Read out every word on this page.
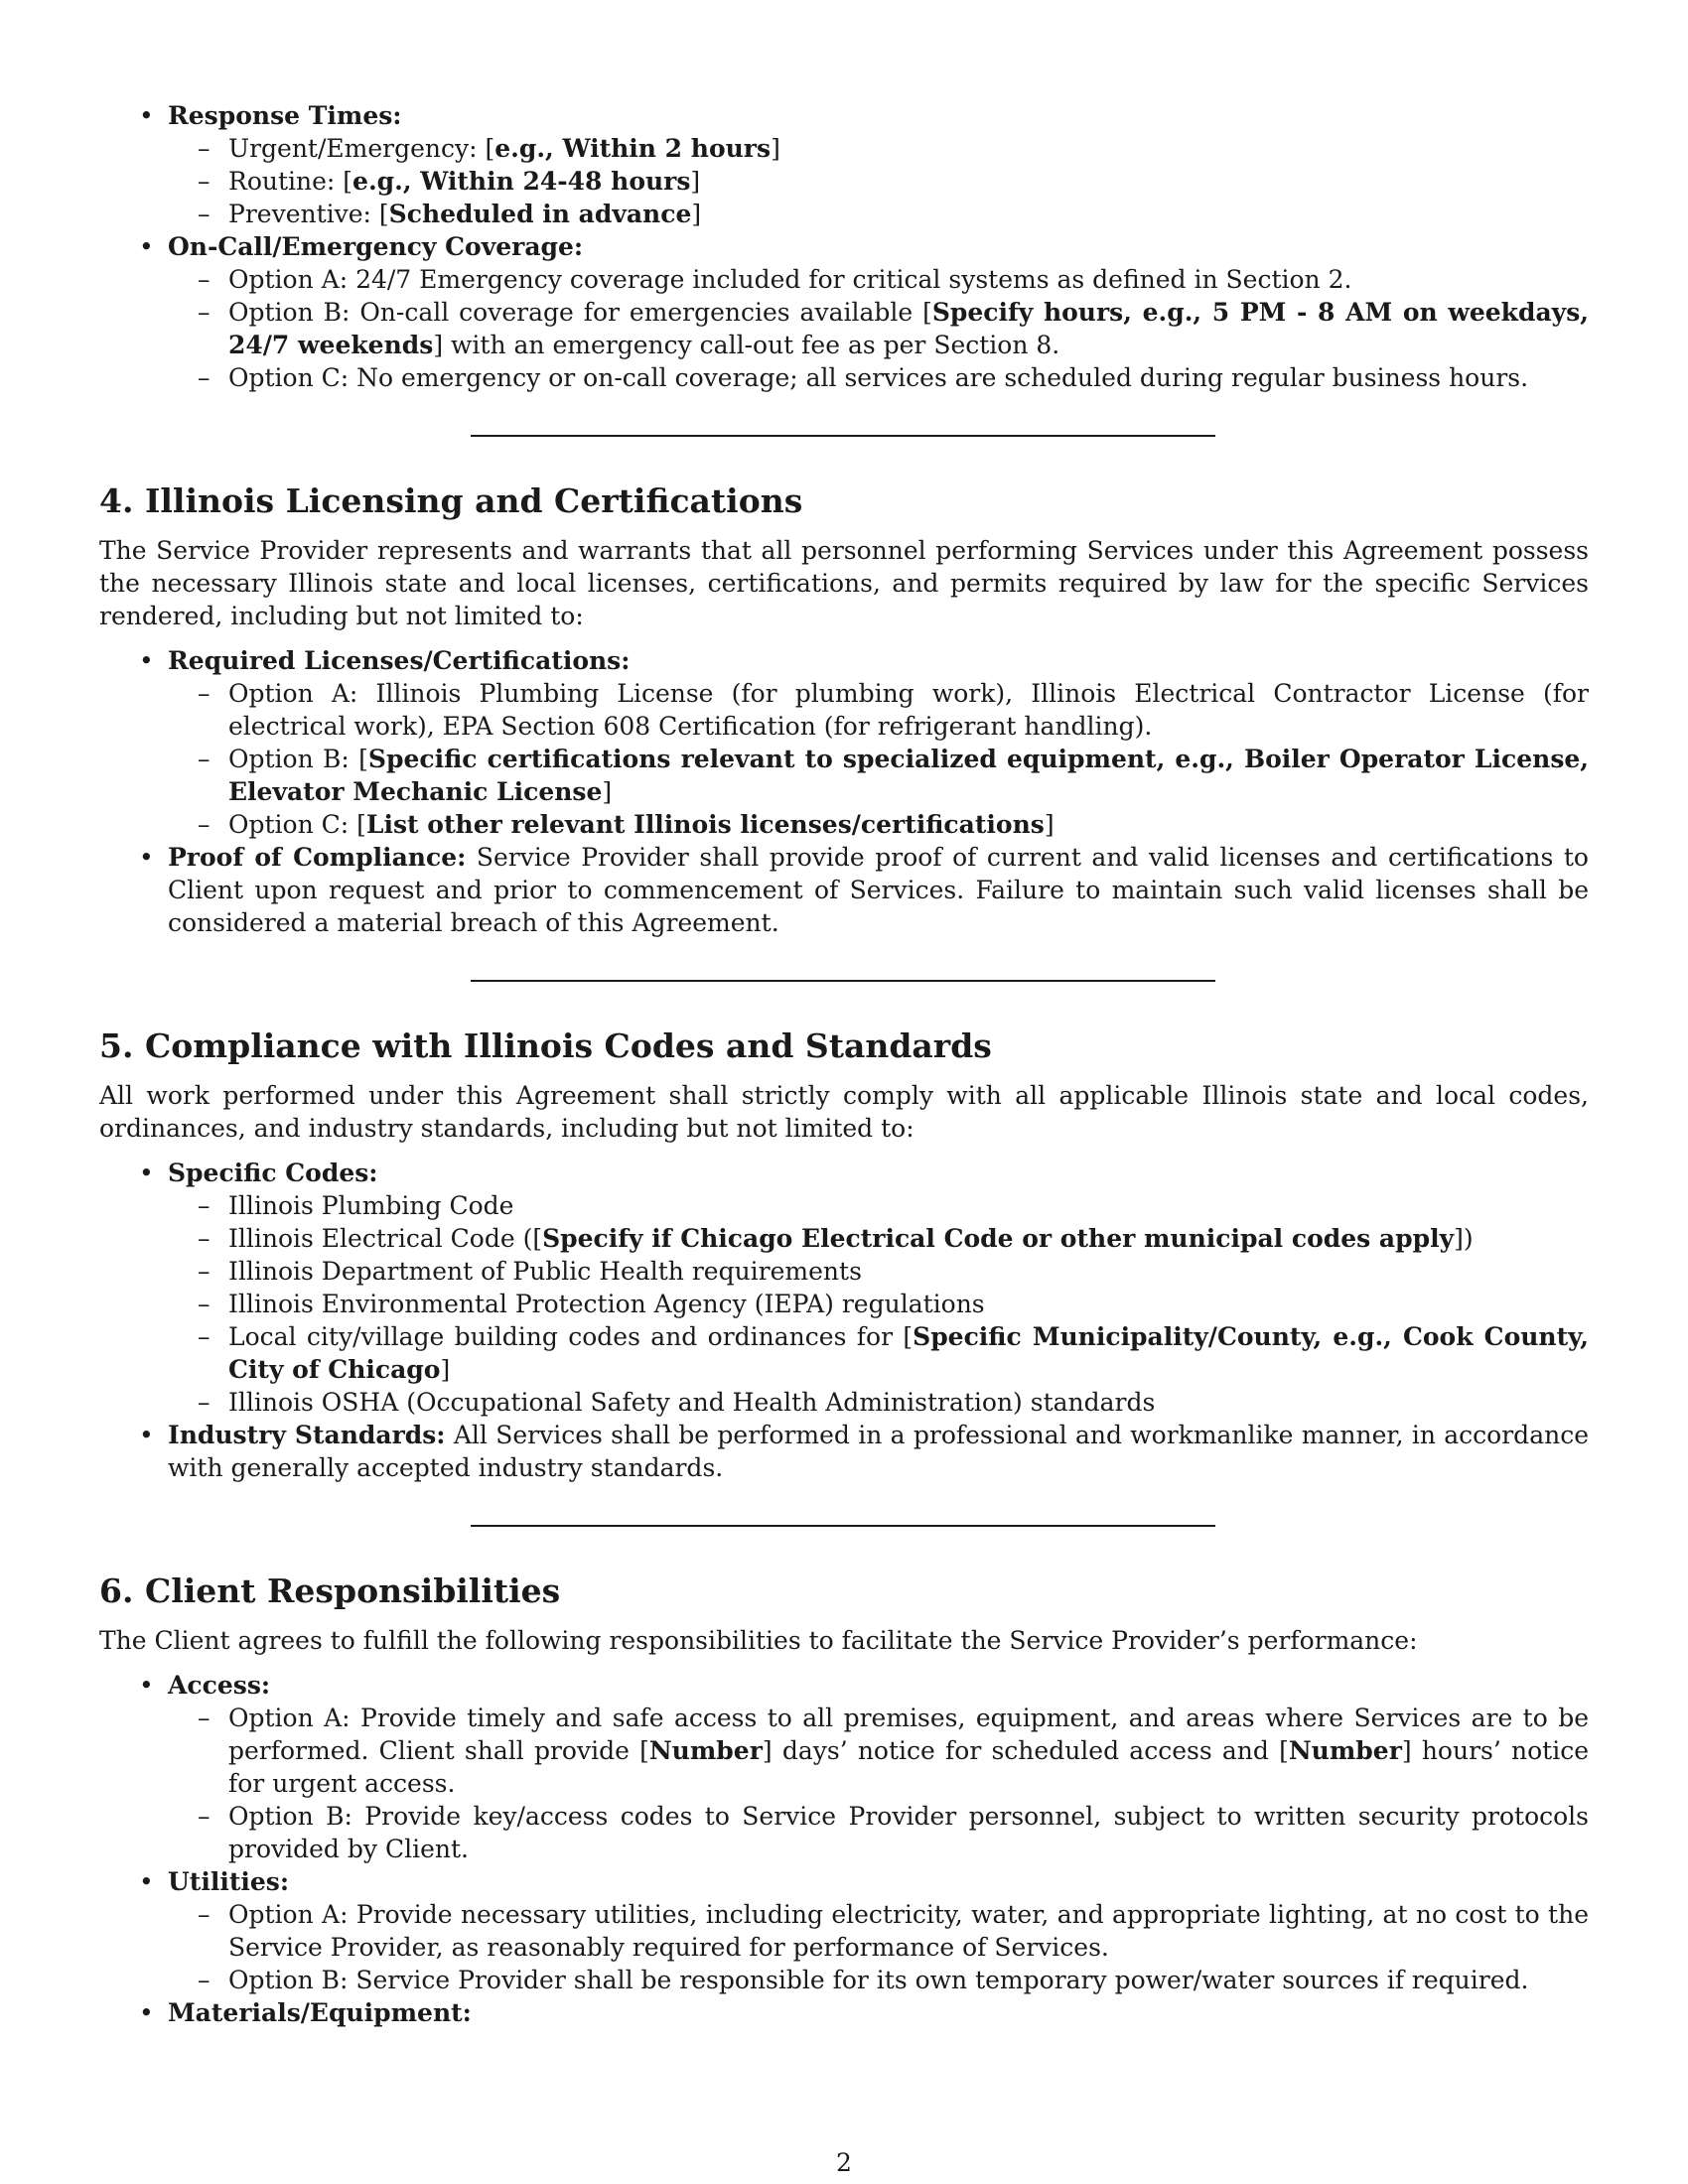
• Response Times:
– Urgent/Emergency: [e.g., Within 2 hours]
– Routine: [e.g., Within 24-48 hours]
– Preventive: [Scheduled in advance]
• On-Call/Emergency Coverage:
– Option A: 24/7 Emergency coverage included for critical systems as defined in Section 2.
– Option B: On-call coverage for emergencies available [Specify hours, e.g., 5 PM - 8 AM on weekdays, 24/7 weekends] with an emergency call-out fee as per Section 8.
– Option C: No emergency or on-call coverage; all services are scheduled during regular business hours.
4. Illinois Licensing and Certifications

The Service Provider represents and warrants that all personnel performing Services under this Agreement possess the necessary Illinois state and local licenses, certifications, and permits required by law for the specific Services rendered, including but not limited to:

• Required Licenses/Certifications:
– Option A: Illinois Plumbing License (for plumbing work), Illinois Electrical Contractor License (for electrical work), EPA Section 608 Certification (for refrigerant handling).
– Option B: [Specific certifications relevant to specialized equipment, e.g., Boiler Operator License, Elevator Mechanic License]
– Option C: [List other relevant Illinois licenses/certifications]
• Proof of Compliance: Service Provider shall provide proof of current and valid licenses and certifications to Client upon request and prior to commencement of Services. Failure to maintain such valid licenses shall be considered a material breach of this Agreement.
5. Compliance with Illinois Codes and Standards

All work performed under this Agreement shall strictly comply with all applicable Illinois state and local codes, ordinances, and industry standards, including but not limited to:

• Specific Codes:
– Illinois Plumbing Code
– Illinois Electrical Code ([Specify if Chicago Electrical Code or other municipal codes apply])
– Illinois Department of Public Health requirements
– Illinois Environmental Protection Agency (IEPA) regulations
– Local city/village building codes and ordinances for [Specific Municipality/County, e.g., Cook County, City of Chicago]
– Illinois OSHA (Occupational Safety and Health Administration) standards
• Industry Standards: All Services shall be performed in a professional and workmanlike manner, in accordance with generally accepted industry standards.
6. Client Responsibilities

The Client agrees to fulfill the following responsibilities to facilitate the Service Provider’s performance:

• Access:
– Option A: Provide timely and safe access to all premises, equipment, and areas where Services are to be performed. Client shall provide [Number] days’ notice for scheduled access and [Number] hours’ notice for urgent access.
– Option B: Provide key/access codes to Service Provider personnel, subject to written security protocols provided by Client.
• Utilities:
– Option A: Provide necessary utilities, including electricity, water, and appropriate lighting, at no cost to the Service Provider, as reasonably required for performance of Services.
– Option B: Service Provider shall be responsible for its own temporary power/water sources if required.
• Materials/Equipment:
2
